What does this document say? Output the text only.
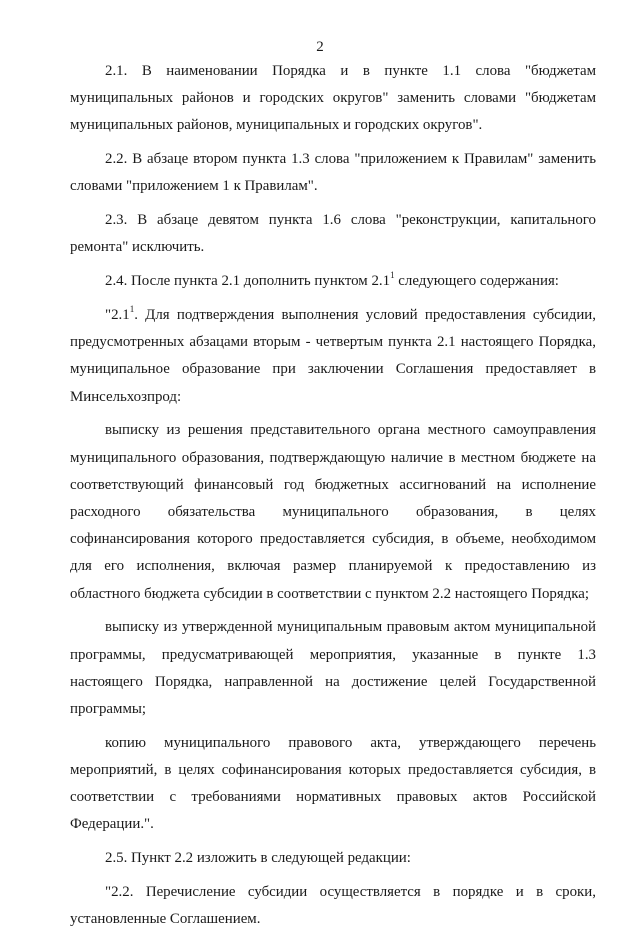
2

2.1. В наименовании Порядка и в пункте 1.1 слова "бюджетам муниципальных районов и городских округов" заменить словами "бюджетам муниципальных районов, муниципальных и городских округов".

2.2. В абзаце втором пункта 1.3 слова "приложением к Правилам" заменить словами "приложением 1 к Правилам".

2.3. В абзаце девятом пункта 1.6 слова "реконструкции, капитального ремонта" исключить.

2.4. После пункта 2.1 дополнить пунктом $2.1^1$ следующего содержания:

"$2.1^1$. Для подтверждения выполнения условий предоставления субсидии, предусмотренных абзацами вторым - четвертым пункта 2.1 настоящего Порядка, муниципальное образование при заключении Соглашения предоставляет в Минсельхозпрод:

выписку из решения представительного органа местного самоуправления муниципального образования, подтверждающую наличие в местном бюджете на соответствующий финансовый год бюджетных ассигнований на исполнение расходного обязательства муниципального образования, в целях софинансирования которого предоставляется субсидия, в объеме, необходимом для его исполнения, включая размер планируемой к предоставлению из областного бюджета субсидии в соответствии с пунктом 2.2 настоящего Порядка;

выписку из утвержденной муниципальным правовым актом муниципальной программы, предусматривающей мероприятия, указанные в пункте 1.3 настоящего Порядка, направленной на достижение целей Государственной программы;

копию муниципального правового акта, утверждающего перечень мероприятий, в целях софинансирования которых предоставляется субсидия, в соответствии с требованиями нормативных правовых актов Российской Федерации.".

2.5. Пункт 2.2 изложить в следующей редакции:

"2.2. Перечисление субсидии осуществляется в порядке и в сроки, установленные Соглашением.
